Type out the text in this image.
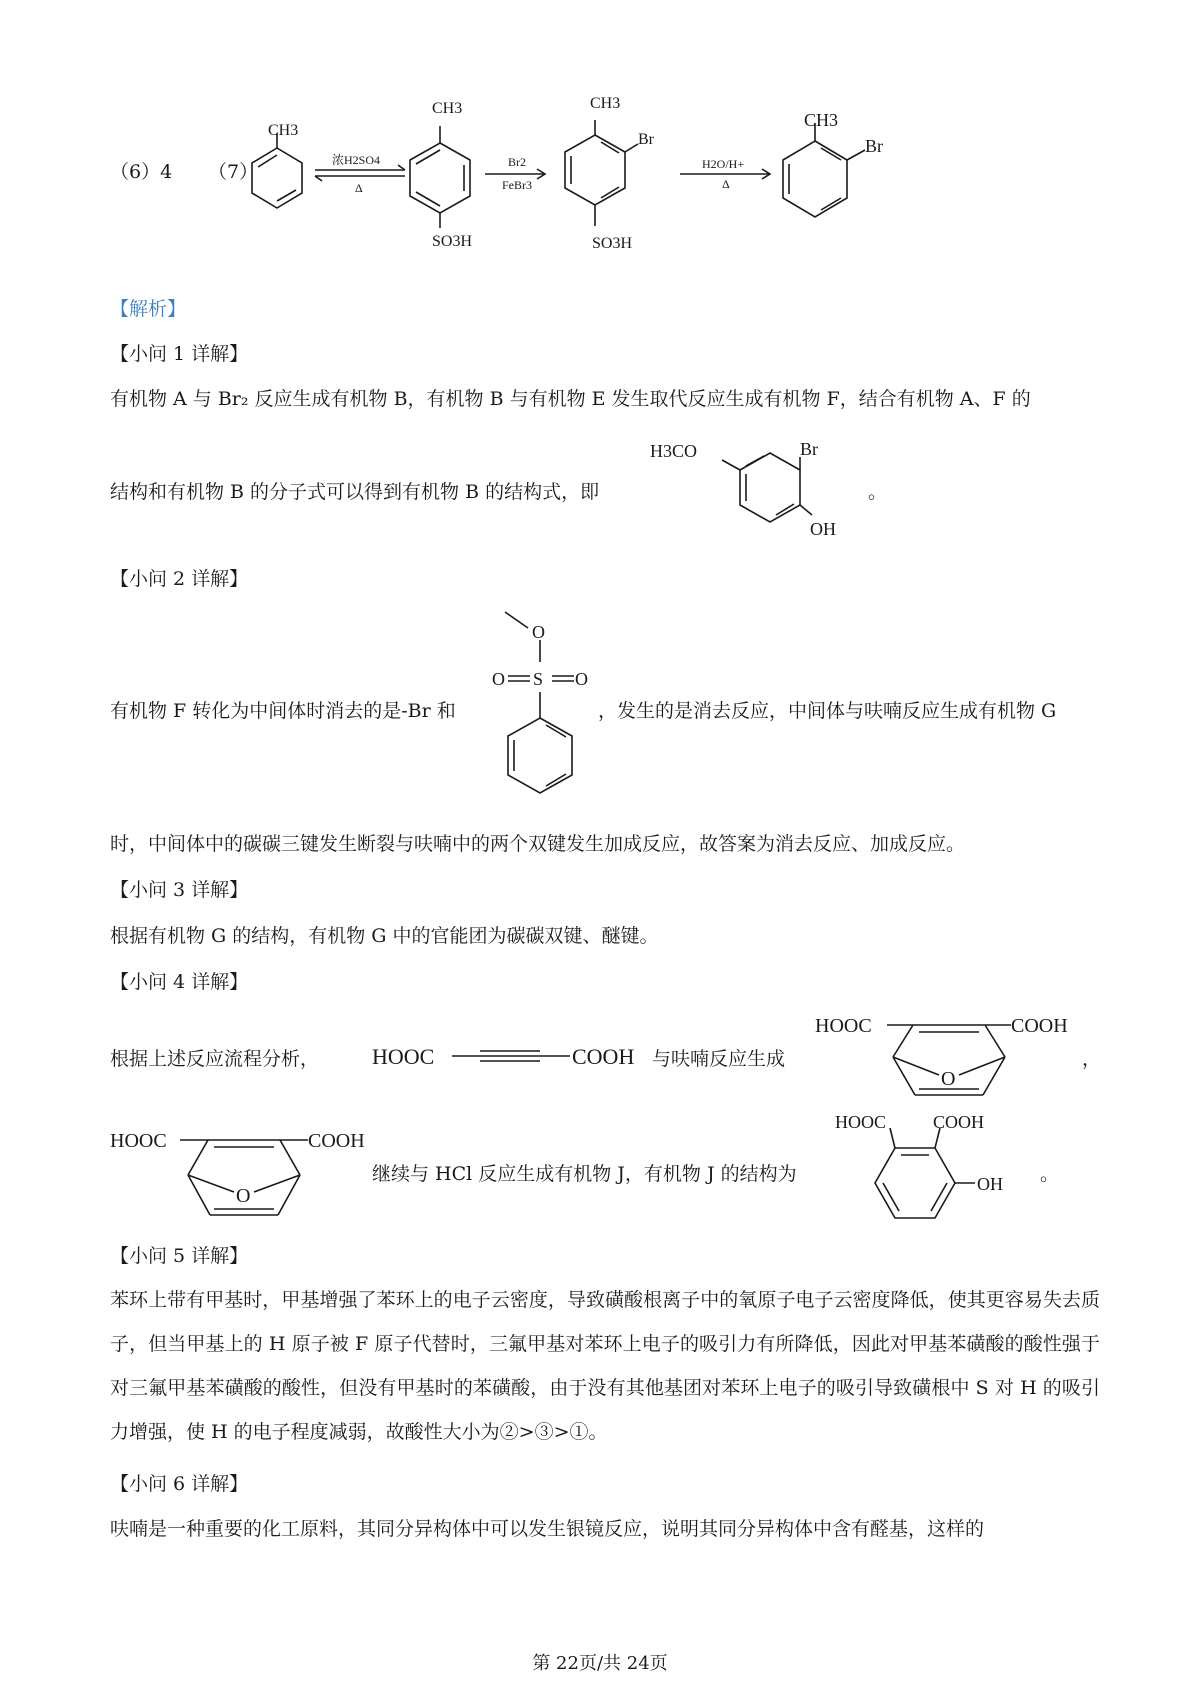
（6）4 （7）
CH3
浓H2SO4
Δ
CH3
SO3H
Br2
FeBr3
CH3
Br
SO3H
H2O/H+
Δ
CH3
Br
【解析】
【小问 1 详解】
有机物 A 与 Br₂ 反应生成有机物 B，有机物 B 与有机物 E 发生取代反应生成有机物 F，结合有机物 A、F 的
结构和有机物 B 的分子式可以得到有机物 B 的结构式，即
H3CO	Br
OH
。
【小问 2 详解】
O
O S O
有机物 F 转化为中间体时消去的是-Br 和	，发生的是消去反应，中间体与呋喃反应生成有机物 G
时，中间体中的碳碳三键发生断裂与呋喃中的两个双键发生加成反应，故答案为消去反应、加成反应。
【小问 3 详解】
根据有机物 G 的结构，有机物 G 中的官能团为碳碳双键、醚键。
【小问 4 详解】
根据上述反应流程分析， HOOC	COOH 与呋喃反应生成
HOOC	COOH
O
，
HOOC	COOH
O
继续与 HCl 反应生成有机物 J，有机物 J 的结构为
HOOC	COOH
OH 。
【小问 5 详解】
苯环上带有甲基时，甲基增强了苯环上的电子云密度，导致磺酸根离子中的氧原子电子云密度降低，使其更容易失去质子，但当甲基上的 H 原子被 F 原子代替时，三氟甲基对苯环上电子的吸引力有所降低，因此对甲基苯磺酸的酸性强于对三氟甲基苯磺酸的酸性，但没有甲基时的苯磺酸，由于没有其他基团对苯环上电子的吸引导致磺根中 S 对 H 的吸引力增强，使 H 的电子程度减弱，故酸性大小为②>③>①。
【小问 6 详解】
呋喃是一种重要的化工原料，其同分异构体中可以发生银镜反应，说明其同分异构体中含有醛基，这样的
第 22页/共 24页
